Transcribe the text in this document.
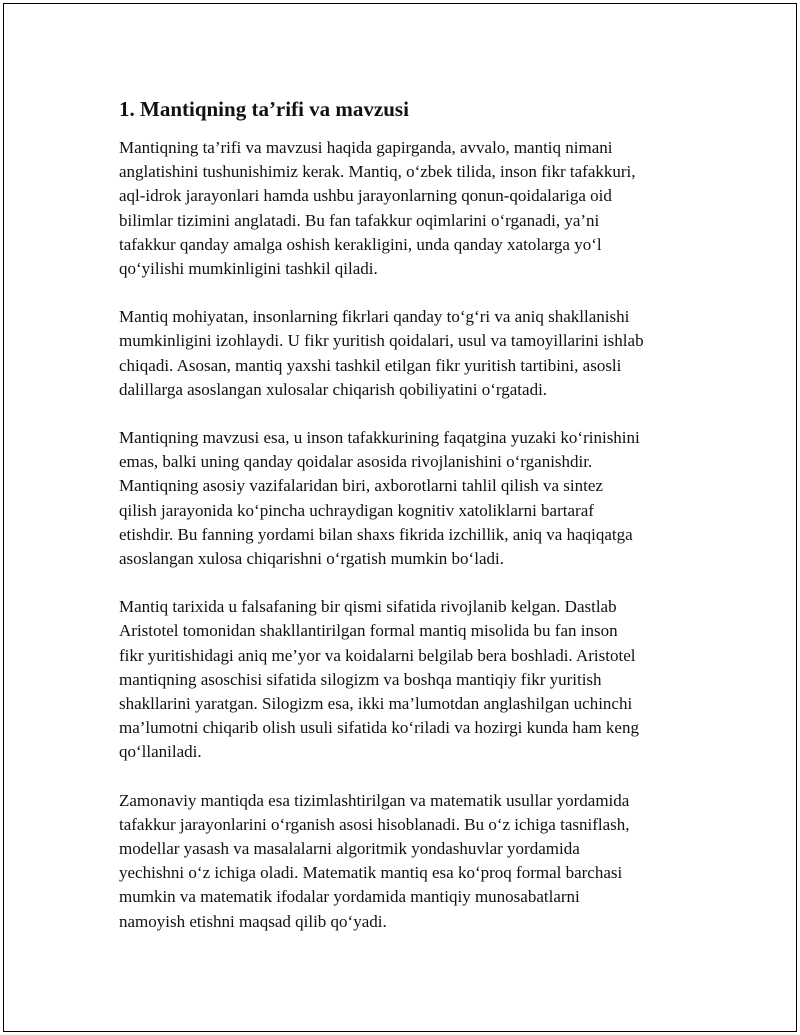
1. Mantiqning ta’rifi va mavzusi

Mantiqning ta’rifi va mavzusi haqida gapirganda, avvalo, mantiq nimani
anglatishini tushunishimiz kerak. Mantiq, o‘zbek tilida, inson fikr tafakkuri,
aql-idrok jarayonlari hamda ushbu jarayonlarning qonun-qoidalariga oid
bilimlar tizimini anglatadi. Bu fan tafakkur oqimlarini o‘rganadi, ya’ni
tafakkur qanday amalga oshish kerakligini, unda qanday xatolarga yo‘l
qo‘yilishi mumkinligini tashkil qiladi.

Mantiq mohiyatan, insonlarning fikrlari qanday to‘g‘ri va aniq shakllanishi
mumkinligini izohlaydi. U fikr yuritish qoidalari, usul va tamoyillarini ishlab
chiqadi. Asosan, mantiq yaxshi tashkil etilgan fikr yuritish tartibini, asosli
dalillarga asoslangan xulosalar chiqarish qobiliyatini o‘rgatadi.

Mantiqning mavzusi esa, u inson tafakkurining faqatgina yuzaki ko‘rinishini
emas, balki uning qanday qoidalar asosida rivojlanishini o‘rganishdir.
Mantiqning asosiy vazifalaridan biri, axborotlarni tahlil qilish va sintez
qilish jarayonida ko‘pincha uchraydigan kognitiv xatoliklarni bartaraf
etishdir. Bu fanning yordami bilan shaxs fikrida izchillik, aniq va haqiqatga
asoslangan xulosa chiqarishni o‘rgatish mumkin bo‘ladi.

Mantiq tarixida u falsafaning bir qismi sifatida rivojlanib kelgan. Dastlab
Aristotel tomonidan shakllantirilgan formal mantiq misolida bu fan inson
fikr yuritishidagi aniq me’yor va koidalarni belgilab bera boshladi. Aristotel
mantiqning asoschisi sifatida silogizm va boshqa mantiqiy fikr yuritish
shakllarini yaratgan. Silogizm esa, ikki ma’lumotdan anglashilgan uchinchi
ma’lumotni chiqarib olish usuli sifatida ko‘riladi va hozirgi kunda ham keng
qo‘llaniladi.

Zamonaviy mantiqda esa tizimlashtirilgan va matematik usullar yordamida
tafakkur jarayonlarini o‘rganish asosi hisoblanadi. Bu o‘z ichiga tasniflash,
modellar yasash va masalalarni algoritmik yondashuvlar yordamida
yechishni o‘z ichiga oladi. Matematik mantiq esa ko‘proq formal barchasi
mumkin va matematik ifodalar yordamida mantiqiy munosabatlarni
namoyish etishni maqsad qilib qo‘yadi.
